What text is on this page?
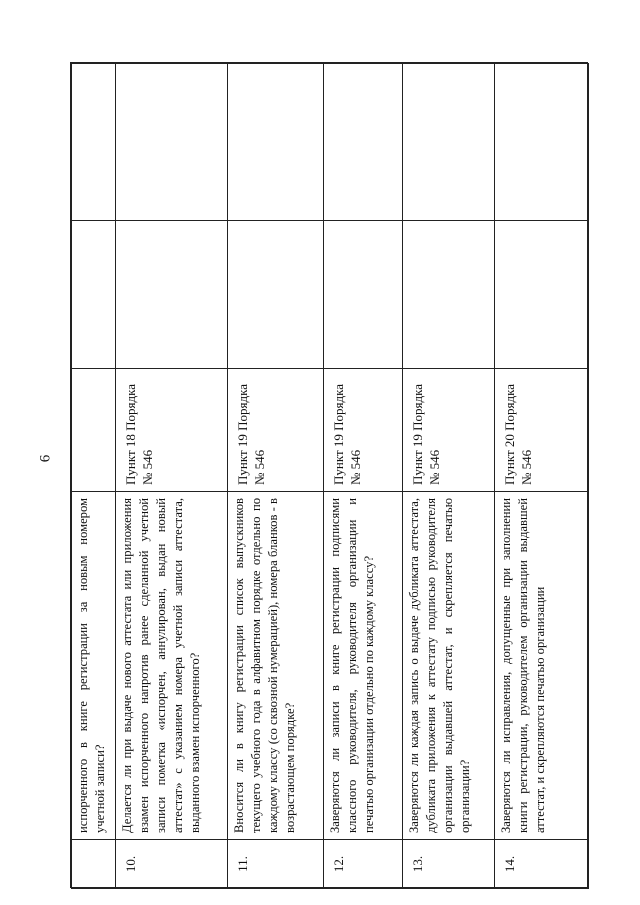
6
	испорченного в книге регистрации за новым номером учетной записи?			
10.	Делается ли при выдаче нового аттестата или приложения взамен испорченного напротив ранее сделанной учетной записи пометка «испорчен, аннулирован, выдан новый аттестат» с указанием номера учетной записи аттестата, выданного взамен испорченного?	Пункт 18 Порядка № 546		
11.	Вносится ли в книгу регистрации список выпускников текущего учебного года в алфавитном порядке отдельно по каждому классу (со сквозной нумерацией), номера бланков - в возрастающем порядке?	Пункт 19 Порядка № 546		
12.	Заверяются ли записи в книге регистрации подписями классного руководителя, руководителя организации и печатью организации отдельно по каждому классу?	Пункт 19 Порядка № 546		
13.	Заверяются ли каждая запись о выдаче дубликата аттестата, дубликата приложения к аттестату подписью руководителя организации выдавшей аттестат, и скрепляется печатью организации?	Пункт 19 Порядка № 546		
14.	Заверяются ли исправления, допущенные при заполнении книги регистрации, руководителем организации выдавшей аттестат, и скрепляются печатью организации	Пункт 20 Порядка № 546		
